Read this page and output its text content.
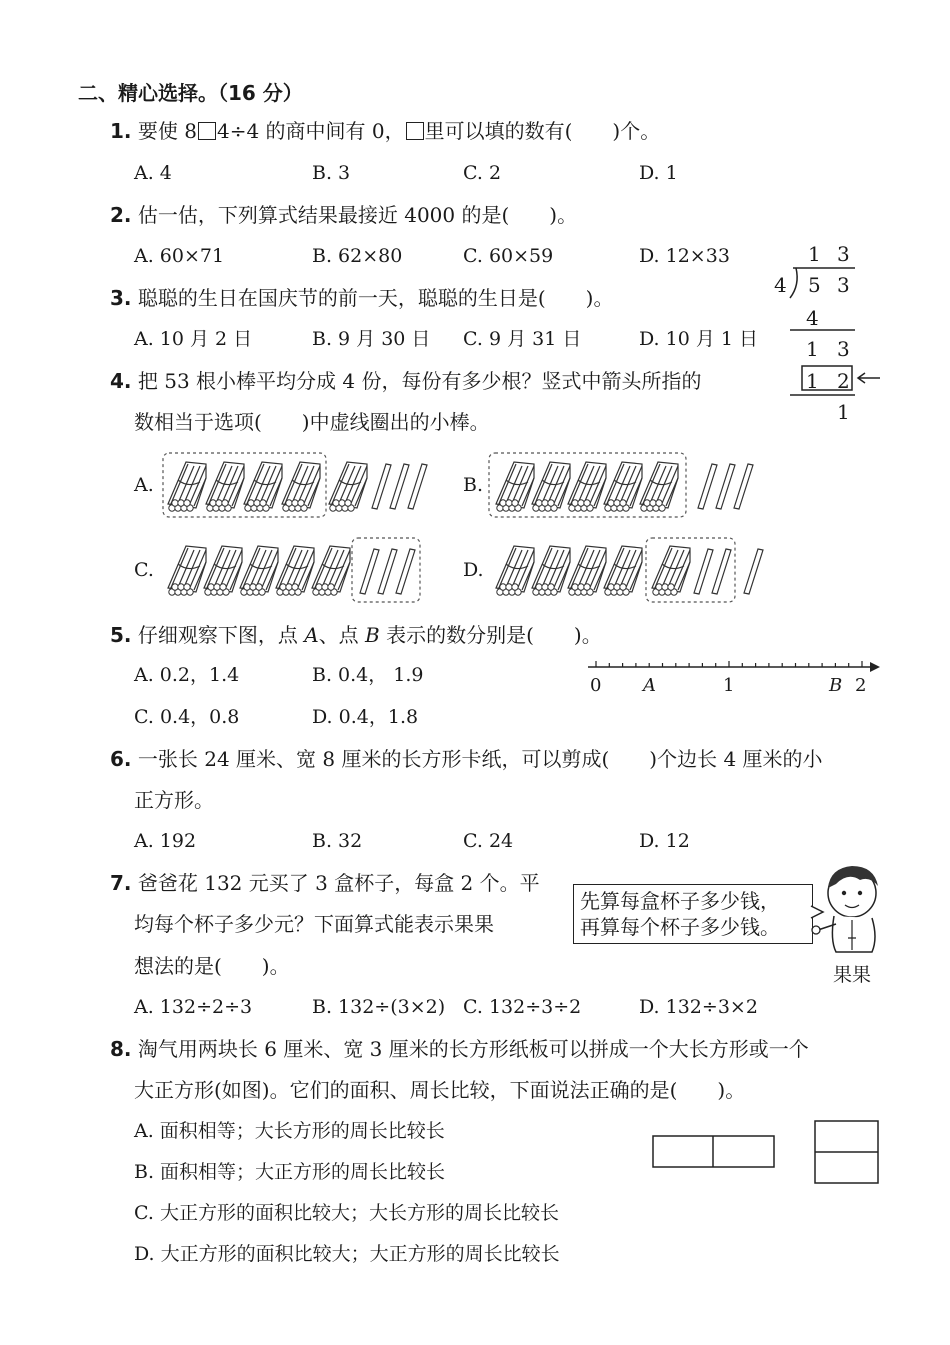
二、精心选择。（16 分）
1. 要使 8 4÷4 的商中间有 0， 里可以填的数有(　　)个。
A. 4	B. 3	C. 2	D. 1
2. 估一估，下列算式结果最接近 4000 的是(　　)。
A. 60×71	B. 62×80	C. 60×59	D. 12×33
3. 聪聪的生日在国庆节的前一天，聪聪的生日是(　　)。
A. 10 月 2 日	B. 9 月 30 日 C. 9 月 31 日	D. 10 月 1 日
1 3
4 5 3
4
1 3
1 2
1
4. 把 53 根小棒平均分成 4 份，每份有多少根？竖式中箭头所指的
数相当于选项(　　)中虚线圈出的小棒。
A.	B.
C.	D.
5. 仔细观察下图，点 A、点 B 表示的数分别是(　　)。
A. 0.2，1.4	B. 0.4， 1.9
C. 0.4，0.8	D. 0.4，1.8
0 A	1	B 2
6. 一张长 24 厘米、宽 8 厘米的长方形卡纸，可以剪成(　　)个边长 4 厘米的小
正方形。
A. 192	B. 32	C. 24	D. 12
7. 爸爸花 132 元买了 3 盒杯子，每盒 2 个。平
均每个杯子多少元？下面算式能表示果果
想法的是(　　)。
先算每盒杯子多少钱，
再算每个杯子多少钱。
果果
A. 132÷2÷3	B. 132÷(3×2) C. 132÷3÷2	D. 132÷3×2
8. 淘气用两块长 6 厘米、宽 3 厘米的长方形纸板可以拼成一个大长方形或一个
大正方形(如图)。它们的面积、周长比较，下面说法正确的是(　　)。
A. 面积相等；大长方形的周长比较长
B. 面积相等；大正方形的周长比较长
C. 大正方形的面积比较大；大长方形的周长比较长
D. 大正方形的面积比较大；大正方形的周长比较长
